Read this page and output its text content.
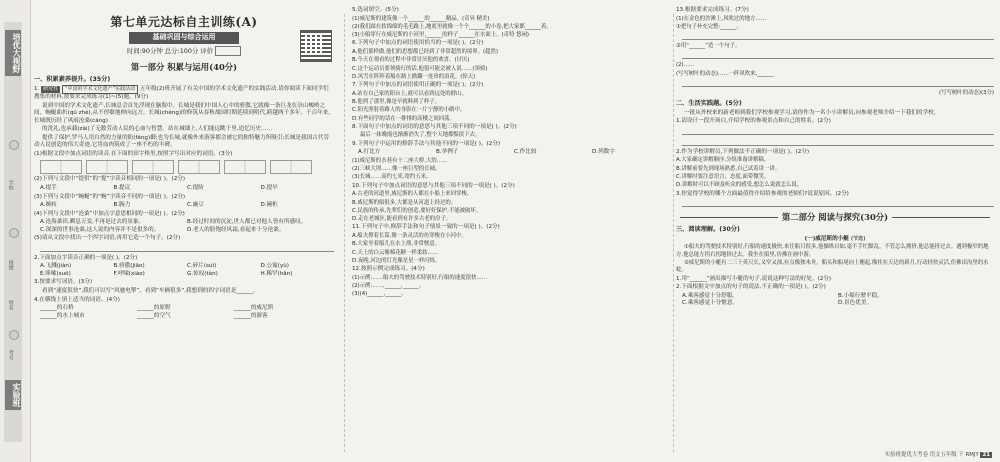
培优大视野
学校
班级
姓名
考号
实验班
第七单元达标自主训练(A)
基础巩固与综合运用
时间:90分钟 总分:100分 评价
第一部分 积累与运用(40分)
一、积累素养提升。(35分)
1. 研究性 “中国的学术文化遗产”实践活动 五年级(2)班开展了有关中国的学术文化遗产的实践活动,请你阅读下面同学们搜集的材料,按要求完成练习(1)~(5)题。(9分)
说到中国的学术文化遗产,长城总会首先浮现在脑海中。长城是我们中国人心中的骄傲,它就像一条巨龙在崇山峻岭之间、蜿蜒曲折(qū zhé),从不停歇地伸向远方。长城(chéng)的修筑从春秋战国时期延续到明代,跨越两千多年。千百年来,长城既历经了风雨沧桑(cāng)
的洗礼,也承载(zài)了无数劳动人民的心血与智慧。站在城墙上,人们能远眺千里,追忆历史……
提供了保护,罗马人用自然的力量的防(fáng)御;也为长城,就像外来游客都会被它的独特魅力所吸引;长城是我国古代劳动人民创造的伟大奇迹,它用血肉筑成了一座不朽的丰碑。
(1)根据文段中加点词语的读音,在下面的田字格里,按照字写出对应的词语。(3分)
(2)下列与文段中“提供”的“提”字读音相同的一项是( )。(2分)
A.提手	B.提议	C.提防	D.提早
(3)下列与文段中“蜿蜒”的“蜿”字读音不同的一项是( )。(2分)
A.婉转	B.腕力	C.豌豆	D.碗柜
(4)下列与文段中“沧桑”中加点字意思相同的一项是( )。(2分)
A.沧海桑田,瞬息万变,不再是过去的景象。	B.经过时间的沉淀,世人都已对他人皆有所感叹。
C.深深的世事沧桑,这人说的内容并不是很多的。	D.老人的脸饱经风霜,看起来十分沧桑。
(5)请从文段中找出一个四字词语,再用它造一个句子。(2分)
2.下面加点字读音正确的一项是( )。(2分)
A.飞溅(jiàn)	B.骄傲(jiāo)	C.碎片(suì)	D.公寓(yù)
E.哆嗦(suō)	F.呼啸(xiào)	G.惊叹(tàn)	H.稀罕(hǎn)
3.按要求写词语。(3分)
看到“速度很快”,我们可以写“风驰电掣”。看到“车辆很多”,我想到的四字词语是______。
4.在横线上填上适当的词语。(4分)
______的石桥	______的原野	______的威尼斯
______的水上城市	______的空气	______的游客
5.选词填空。(5分)
(1)威尼斯的建筑像一个______的______精品。(奇异 精美)
(2)我们踩在软绵绵的毛毛路上,地底里就像一个个______的小卷,把大家都______着。
(3)小船穿行在威尼斯的小河里,______的样子______在水面上。(奇特 悠闲)
6.下列句子中加点的词语使用恰当的一项是( )。(2分)
A.他们那样做,他们的思想都已经到了非常超然的境界。(超然)
B.今天在观看的过程中非常讨厌他的欢喜。(讨厌)
C.这个运动员要领骑行的话,他很可能会被人说……(领骑)
D.风雪在阵阵着船在路上掀翻一连串的浪花。(惊天)
7.下列句子中加点的词语使用正确的一项是( )。(2分)
A.站在自己家的阳台上,就可以看到远处的群山。
B.他到了那里,像是早就料到了样子。
C.阳光照射着路人的身影在一片宁静的小路中。
D.有些同学的话在一排排的高楼之间回荡。
8.下面句子中加点的词语的意思与其他三项不同的一项是( )。(2分)
最后一抹晚霞也渐渐消失了,整个天地都黯淡下去。
9.下列句子中运用的修辞手法与其他不同的一项是( )。(2分)
A.打比方	B.举例子	C.作比较	D.列数字
(1)威尼斯的水巷有十二座大桥,大的……
(2)三峡大坝……像一座巨型的长城。
(3)长城……高约七米,宽约五米。
10.下列句子中加点词语的意思与其他三项不同的一项是( )。(2分)
A.古老的河道里,威尼斯的人都在小船上来回穿梭。
B.威尼斯的船很多,大都是从河道上经过的。
C.民族的传承,先辈们的创造,要好好保护,不能被破坏。
D.走在老城区,能看到有许多古老的房子。
11.下列句子中,修辞手法和句子情景一致的一项是( )。(2分)
A.船夫撑着长篙,像一条灵活的鱼穿梭在小河中。
B.大家坐着船儿在水上漂,非常惬意。
C.天上的白云像棉花糖一样柔软……
D.夜晚,河边的灯光像星星一样闪烁。
12.按照示例完成练习。(4分)
(1)示例:……船夫的驾驶技术特别好,行船的速度很快……
(2)示例:……,______,______。
(3)(4)______,______。
13.根据要求完成练习。(7分)
(1)在金色的沙滩上,风吹过的地方……
①把句子补充完整:______。
②用“______”造一个句子。
(2)……
(写写树叶的动态)……一阵风吹来,______
(写写树叶的动态)(3分)
二、生活实践题。(5分)
一批从外校来的新老师到我们学校参观学习,请你作为一名小小讲解员,向参观老师介绍一下我们的学校。
1.请设计一段开场白,介绍学校的参观景点和自己的姓名。(2分)
2.作为学校讲解员,下列做法不正确的一项是( )。(2分)
A.大家确定讲解顺序,分组准备讲解稿。
B.讲解前要先到现场熟悉,自己试着讲一讲。
C.讲解时要注意语言、态度,面带微笑。
D.讲解时可以不顾及听众的感受,想怎么说就怎么说。
3.你觉得学校的哪个方面最值得介绍给参观的老师们?说说原因。(2分)
第二部分 阅读与探究(30分)
三、阅读理解。(30分)
(一)威尼斯的小艇 (节选)
①船夫的驾驶技术特别好,行船的速度极快,来往船只很多,他操纵自如,毫不手忙脚乱。不管怎么拥挤,他总能挤过去。遇到极窄的地方,他总能左拐右拐地挤过去。我坐在船里,仿佛在画中游。
②威尼斯的小艇有二三十英尺长,又窄又深,有点像独木舟。船头和船尾向上翘起,像挂在天边的新月,行动轻快灵活,仿佛田沟里的水蛇。
1.用“______”画出描写小艇的句子,说说这种写法的好处。(2分)
2.下面根据文中加点的句子的说法,不正确的一项是( )。(2分)
A.乘客感觉十分舒服。	B.小船行驶平稳。
C.乘客感觉十分惬意。	D.景色优美。
实验班提优大考卷 语文五年级 下 RMJY 21
